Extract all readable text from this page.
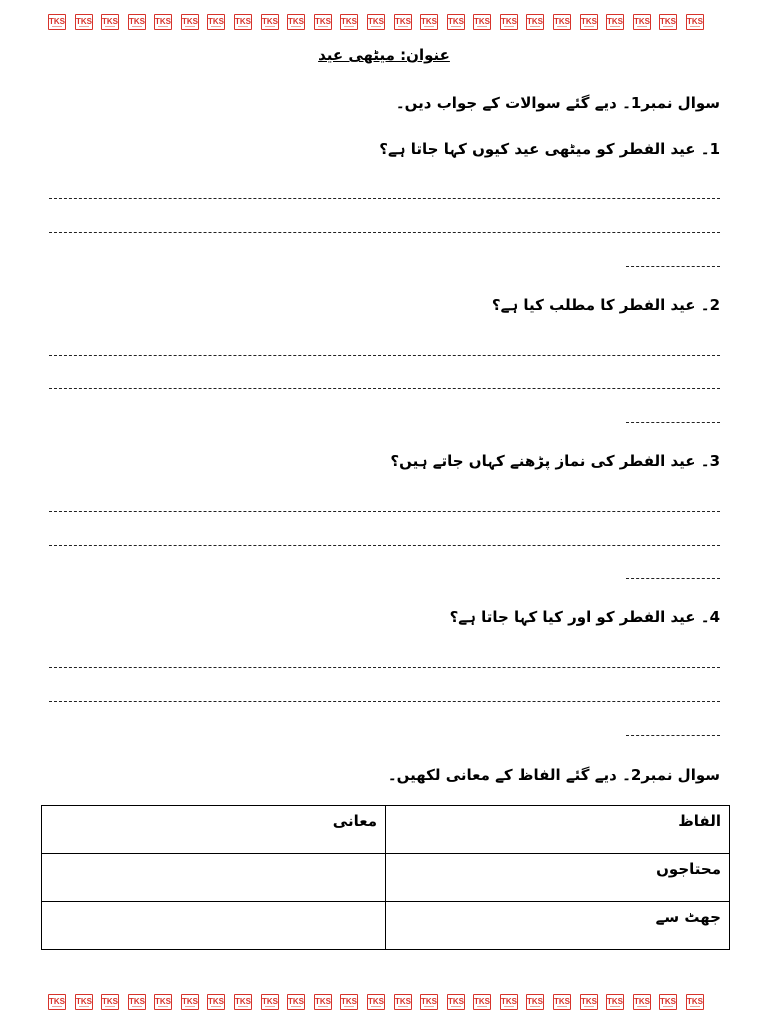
TKS TKS TKS TKS TKS TKS TKS TKS TKS TKS TKS TKS TKS TKS TKS TKS TKS TKS TKS TKS TKS TKS TKS TKS TKS
عنوان: میٹھی عید
سوال نمبر1۔ دیے گئے سوالات کے جواب دیں۔
1۔ عید الفطر کو میٹھی عید کیوں کہا جاتا ہے؟
2۔ عید الفطر کا مطلب کیا ہے؟
3۔ عید الفطر کی نماز پڑھنے کہاں جاتے ہیں؟
4۔ عید الفطر کو اور کیا کہا جاتا ہے؟
سوال نمبر2۔ دیے گئے الفاظ کے معانی لکھیں۔
الفاظ	معانی
محتاجوں	
جھٹ سے	
TKS TKS TKS TKS TKS TKS TKS TKS TKS TKS TKS TKS TKS TKS TKS TKS TKS TKS TKS TKS TKS TKS TKS TKS TKS
